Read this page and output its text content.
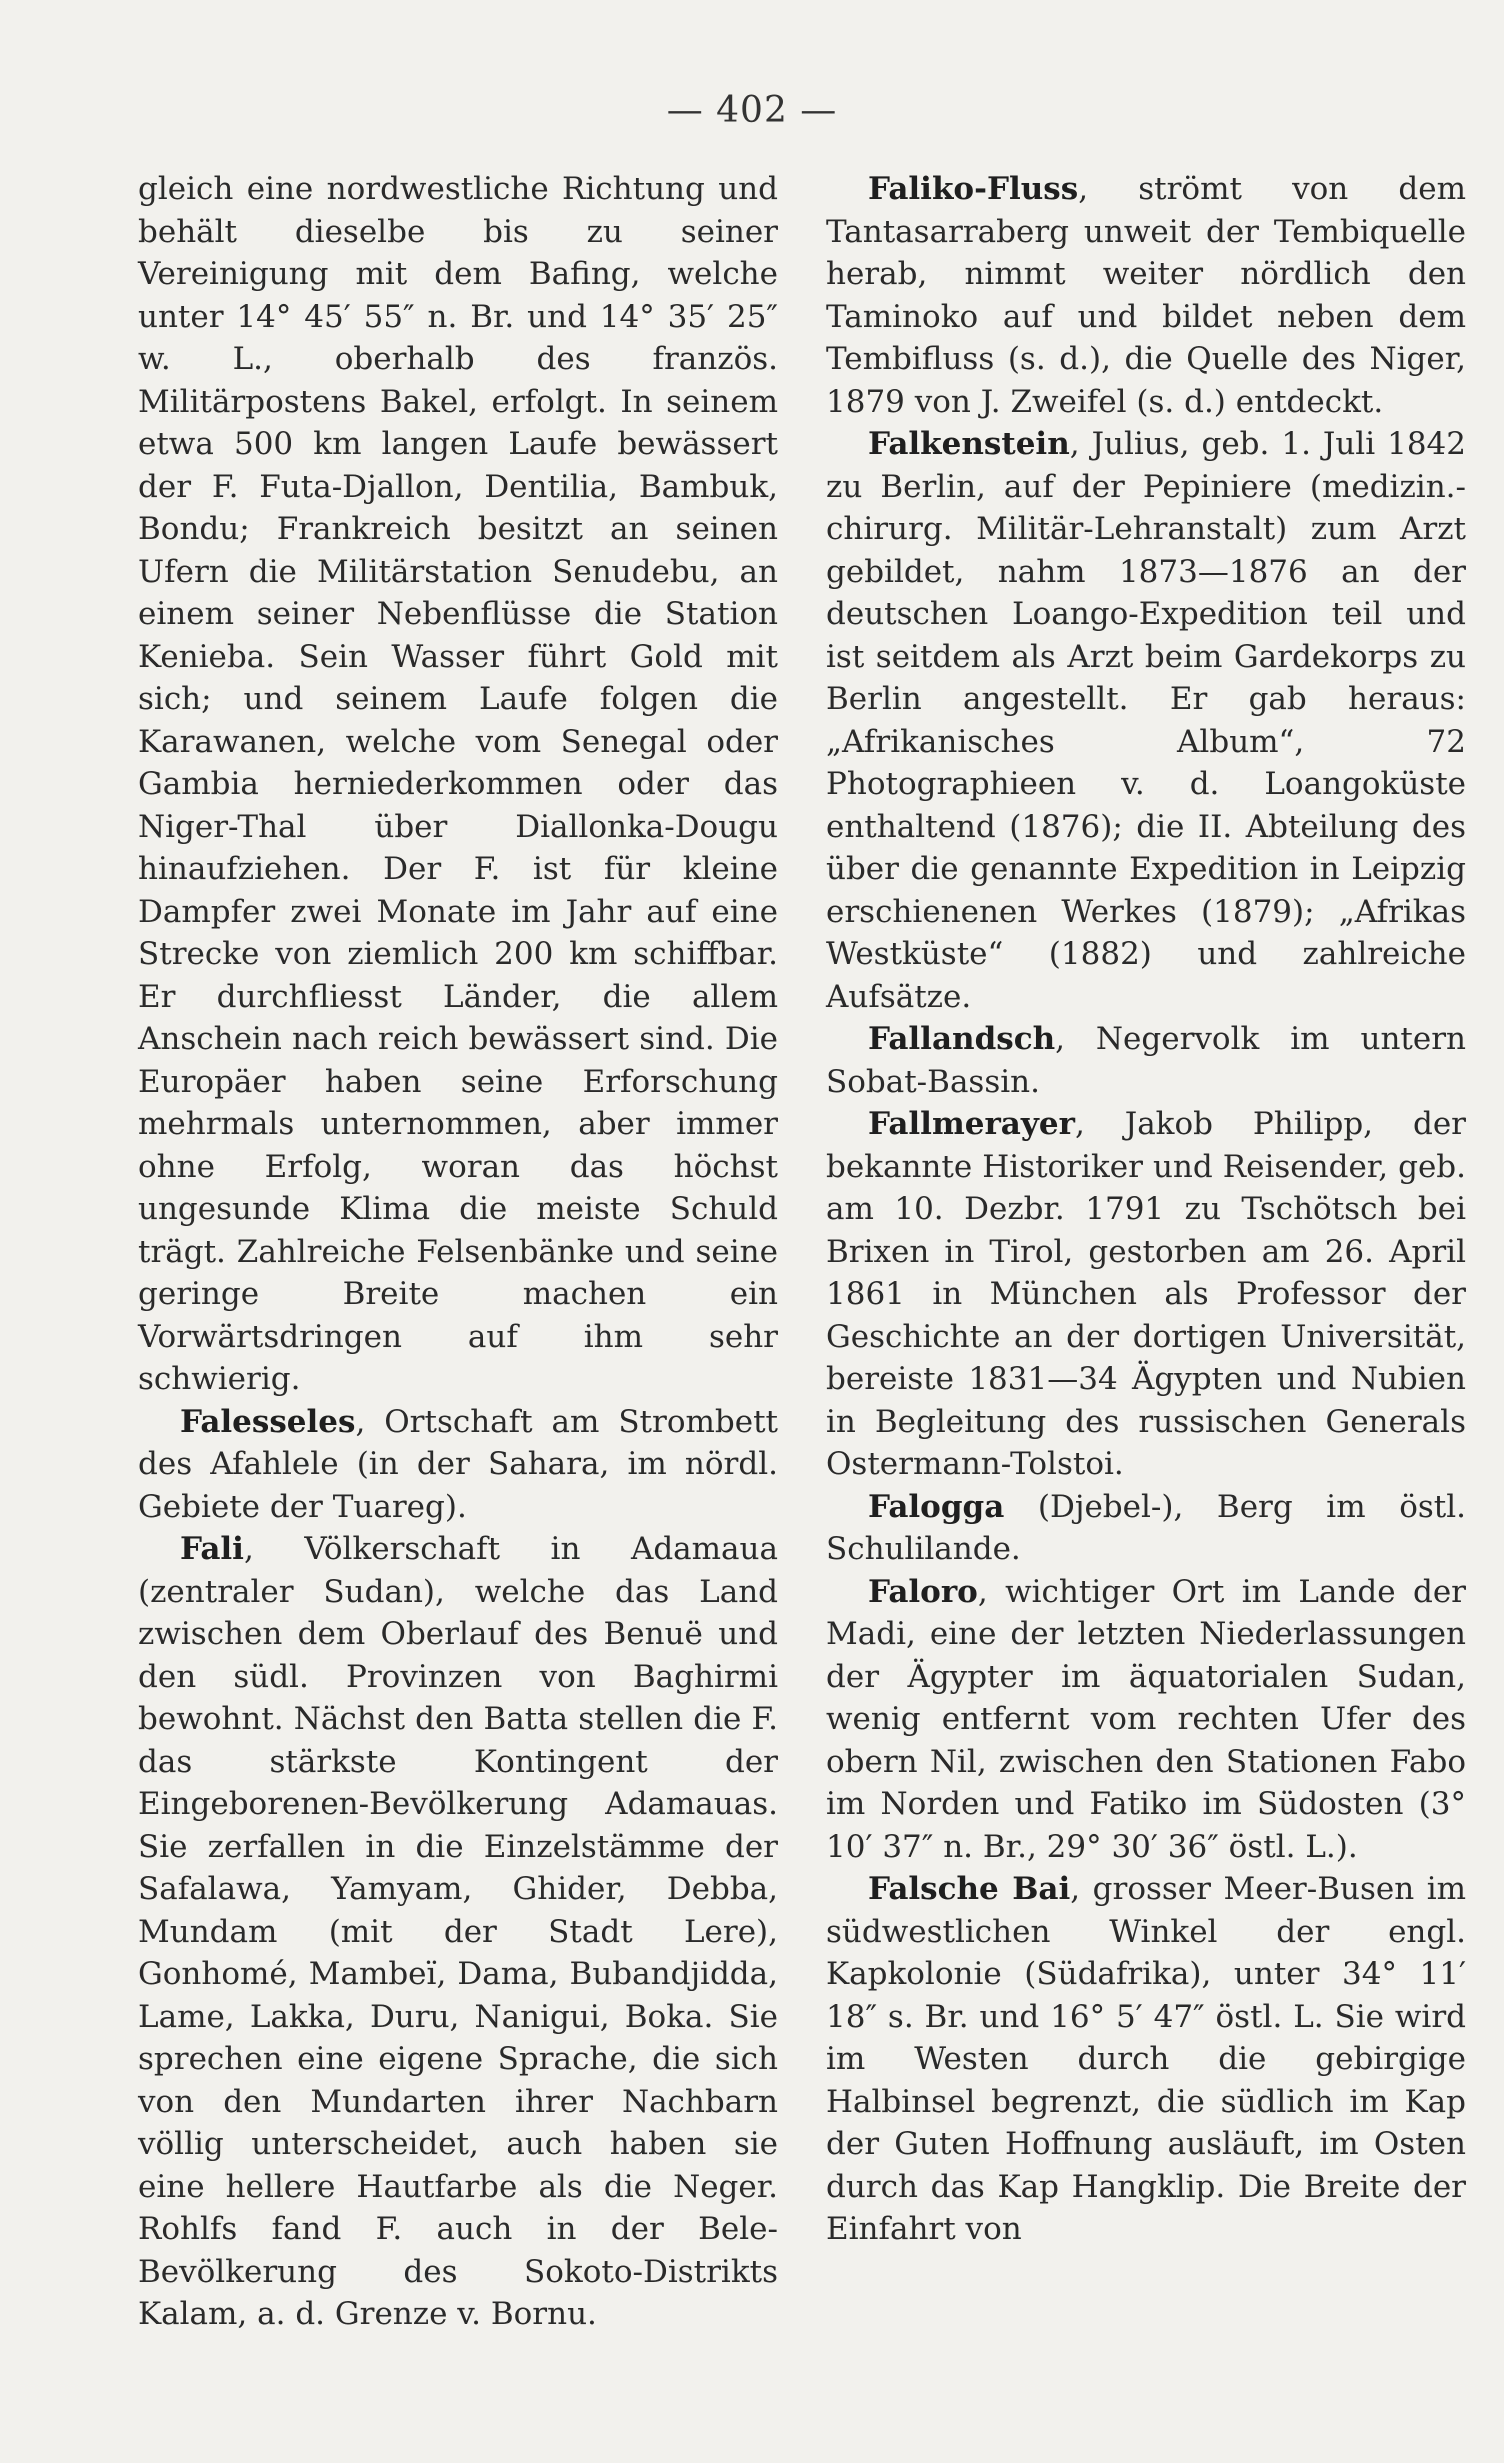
— 402 —

gleich eine nordwestliche Richtung und behält dieselbe bis zu seiner Vereinigung mit dem Bafing, welche unter 14° 45′ 55″ n. Br. und 14° 35′ 25″ w. L., oberhalb des französ. Militärpostens Bakel, erfolgt. In seinem etwa 500 km langen Laufe bewässert der F. Futa-Djallon, Dentilia, Bambuk, Bondu; Frankreich besitzt an seinen Ufern die Militärstation Senudebu, an einem seiner Nebenflüsse die Station Kenieba. Sein Wasser führt Gold mit sich; und seinem Laufe folgen die Karawanen, welche vom Senegal oder Gambia herniederkommen oder das Niger-Thal über Diallonka-Dougu hinaufziehen. Der F. ist für kleine Dampfer zwei Monate im Jahr auf eine Strecke von ziemlich 200 km schiffbar. Er durchfliesst Länder, die allem Anschein nach reich bewässert sind. Die Europäer haben seine Erforschung mehrmals unternommen, aber immer ohne Erfolg, woran das höchst ungesunde Klima die meiste Schuld trägt. Zahlreiche Felsenbänke und seine geringe Breite machen ein Vorwärtsdringen auf ihm sehr schwierig.

Falesseles, Ortschaft am Strombett des Afahlele (in der Sahara, im nördl. Gebiete der Tuareg).

Fali, Völkerschaft in Adamaua (zentraler Sudan), welche das Land zwischen dem Oberlauf des Benuë und den südl. Provinzen von Baghirmi bewohnt. Nächst den Batta stellen die F. das stärkste Kontingent der Eingeborenen-Bevölkerung Adamauas. Sie zerfallen in die Einzelstämme der Safalawa, Yamyam, Ghider, Debba, Mundam (mit der Stadt Lere), Gonhomé, Mambeï, Dama, Bubandjidda, Lame, Lakka, Duru, Nanigui, Boka. Sie sprechen eine eigene Sprache, die sich von den Mundarten ihrer Nachbarn völlig unterscheidet, auch haben sie eine hellere Hautfarbe als die Neger. Rohlfs fand F. auch in der Bele-Bevölkerung des Sokoto-Distrikts Kalam, a. d. Grenze v. Bornu.

Faliko-Fluss, strömt von dem Tantasarraberg unweit der Tembiquelle herab, nimmt weiter nördlich den Taminoko auf und bildet neben dem Tembifluss (s. d.), die Quelle des Niger, 1879 von J. Zweifel (s. d.) entdeckt.

Falkenstein, Julius, geb. 1. Juli 1842 zu Berlin, auf der Pepiniere (medizin.-chirurg. Militär-Lehranstalt) zum Arzt gebildet, nahm 1873—1876 an der deutschen Loango-Expedition teil und ist seitdem als Arzt beim Gardekorps zu Berlin angestellt. Er gab heraus: „Afrikanisches Album“, 72 Photographieen v. d. Loangoküste enthaltend (1876); die II. Abteilung des über die genannte Expedition in Leipzig erschienenen Werkes (1879); „Afrikas Westküste“ (1882) und zahlreiche Aufsätze.

Fallandsch, Negervolk im untern Sobat-Bassin.

Fallmerayer, Jakob Philipp, der bekannte Historiker und Reisender, geb. am 10. Dezbr. 1791 zu Tschötsch bei Brixen in Tirol, gestorben am 26. April 1861 in München als Professor der Geschichte an der dortigen Universität, bereiste 1831—34 Ägypten und Nubien in Begleitung des russischen Generals Ostermann-Tolstoi.

Falogga (Djebel-), Berg im östl. Schulilande.

Faloro, wichtiger Ort im Lande der Madi, eine der letzten Niederlassungen der Ägypter im äquatorialen Sudan, wenig entfernt vom rechten Ufer des obern Nil, zwischen den Stationen Fabo im Norden und Fatiko im Südosten (3° 10′ 37″ n. Br., 29° 30′ 36″ östl. L.).

Falsche Bai, grosser Meer-Busen im südwestlichen Winkel der engl. Kapkolonie (Südafrika), unter 34° 11′ 18″ s. Br. und 16° 5′ 47″ östl. L. Sie wird im Westen durch die gebirgige Halbinsel begrenzt, die südlich im Kap der Guten Hoffnung ausläuft, im Osten durch das Kap Hangklip. Die Breite der Einfahrt von
